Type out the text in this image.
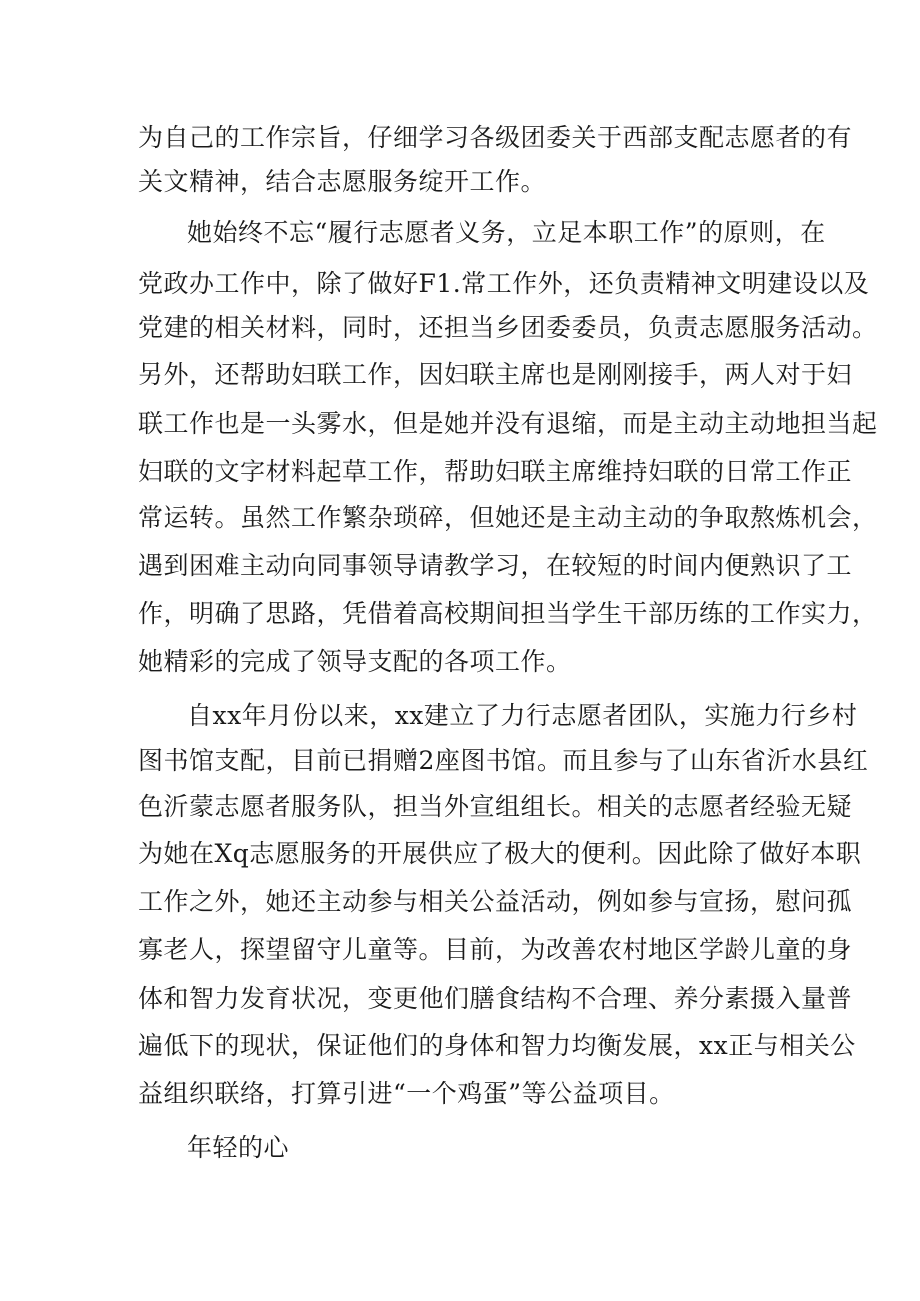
为自己的工作宗旨，仔细学习各级团委关于西部支配志愿者的有
关文精神，结合志愿服务绽开工作。
她始终不忘“履行志愿者义务，立足本职工作”的原则，在
党政办工作中，除了做好F1.常工作外，还负责精神文明建设以及
党建的相关材料，同时，还担当乡团委委员，负责志愿服务活动。
另外，还帮助妇联工作，因妇联主席也是刚刚接手，两人对于妇
联工作也是一头雾水，但是她并没有退缩，而是主动主动地担当起
妇联的文字材料起草工作，帮助妇联主席维持妇联的日常工作正
常运转。虽然工作繁杂琐碎，但她还是主动主动的争取熬炼机会，
遇到困难主动向同事领导请教学习，在较短的时间内便熟识了工
作，明确了思路，凭借着高校期间担当学生干部历练的工作实力，
她精彩的完成了领导支配的各项工作。
自xx年月份以来，xx建立了力行志愿者团队，实施力行乡村
图书馆支配，目前已捐赠2座图书馆。而且参与了山东省沂水县红
色沂蒙志愿者服务队，担当外宣组组长。相关的志愿者经验无疑
为她在Xq志愿服务的开展供应了极大的便利。因此除了做好本职
工作之外，她还主动参与相关公益活动，例如参与宣扬，慰问孤
寡老人，探望留守儿童等。目前，为改善农村地区学龄儿童的身
体和智力发育状况，变更他们膳食结构不合理、养分素摄入量普
遍低下的现状，保证他们的身体和智力均衡发展，xx正与相关公
益组织联络，打算引进“一个鸡蛋”等公益项目。
年轻的心
